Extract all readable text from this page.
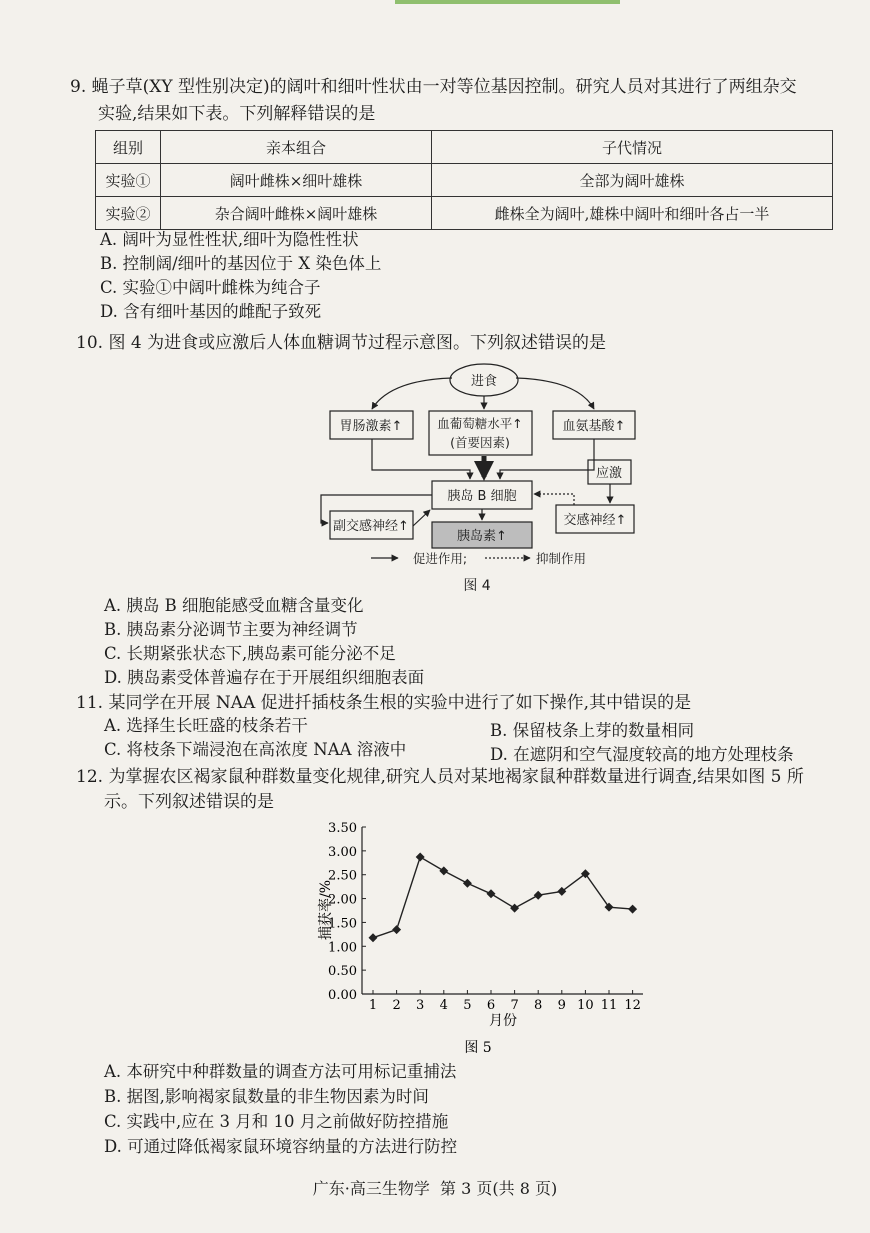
9. 蝇子草(XY 型性别决定)的阔叶和细叶性状由一对等位基因控制。研究人员对其进行了两组杂交
实验,结果如下表。下列解释错误的是
组别	亲本组合	子代情况
实验①	阔叶雌株×细叶雄株	全部为阔叶雄株
实验②	杂合阔叶雌株×阔叶雄株	雌株全为阔叶,雄株中阔叶和细叶各占一半
A. 阔叶为显性性状,细叶为隐性性状
B. 控制阔/细叶的基因位于 X 染色体上
C. 实验①中阔叶雌株为纯合子
D. 含有细叶基因的雌配子致死
10. 图 4 为进食或应激后人体血糖调节过程示意图。下列叙述错误的是
进食
胃肠激素↑	血葡萄糖水平↑
(首要因素)
血氨基酸↑
应激
胰岛 B 细胞
副交感神经↑
胰岛素↑
交感神经↑
促进作用;	抑制作用
图 4
A. 胰岛 B 细胞能感受血糖含量变化
B. 胰岛素分泌调节主要为神经调节
C. 长期紧张状态下,胰岛素可能分泌不足
D. 胰岛素受体普遍存在于开展组织细胞表面
11. 某同学在开展 NAA 促进扦插枝条生根的实验中进行了如下操作,其中错误的是
A. 选择生长旺盛的枝条若干	B. 保留枝条上芽的数量相同
C. 将枝条下端浸泡在高浓度 NAA 溶液中	D. 在遮阴和空气湿度较高的地方处理枝条
12. 为掌握农区褐家鼠种群数量变化规律,研究人员对某地褐家鼠种群数量进行调查,结果如图 5 所
示。下列叙述错误的是
0.00
0.50
1.00
1.50
2.00
2.50
3.00
3.50
1 2 3 4 5 6 7 8 9 10 11 12
捕获率/%
月份
图 5
A. 本研究中种群数量的调查方法可用标记重捕法
B. 据图,影响褐家鼠数量的非生物因素为时间
C. 实践中,应在 3 月和 10 月之前做好防控措施
D. 可通过降低褐家鼠环境容纳量的方法进行防控
广东·高三生物学  第 3 页(共 8 页)
